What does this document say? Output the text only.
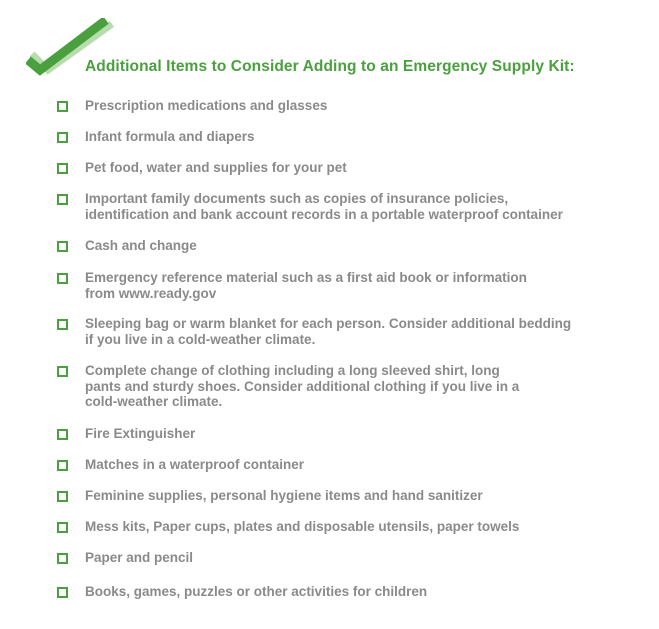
Additional Items to Consider Adding to an Emergency Supply Kit:
Prescription medications and glasses
Infant formula and diapers
Pet food, water and supplies for your pet
Important family documents such as copies of insurance policies,
identification and bank account records in a portable waterproof container
Cash and change
Emergency reference material such as a first aid book or information
from www.ready.gov
Sleeping bag or warm blanket for each person. Consider additional bedding
if you live in a cold-weather climate.
Complete change of clothing including a long sleeved shirt, long
pants and sturdy shoes. Consider additional clothing if you live in a
cold-weather climate.
Fire Extinguisher
Matches in a waterproof container
Feminine supplies, personal hygiene items and hand sanitizer
Mess kits, Paper cups, plates and disposable utensils, paper towels
Paper and pencil
Books, games, puzzles or other activities for children
